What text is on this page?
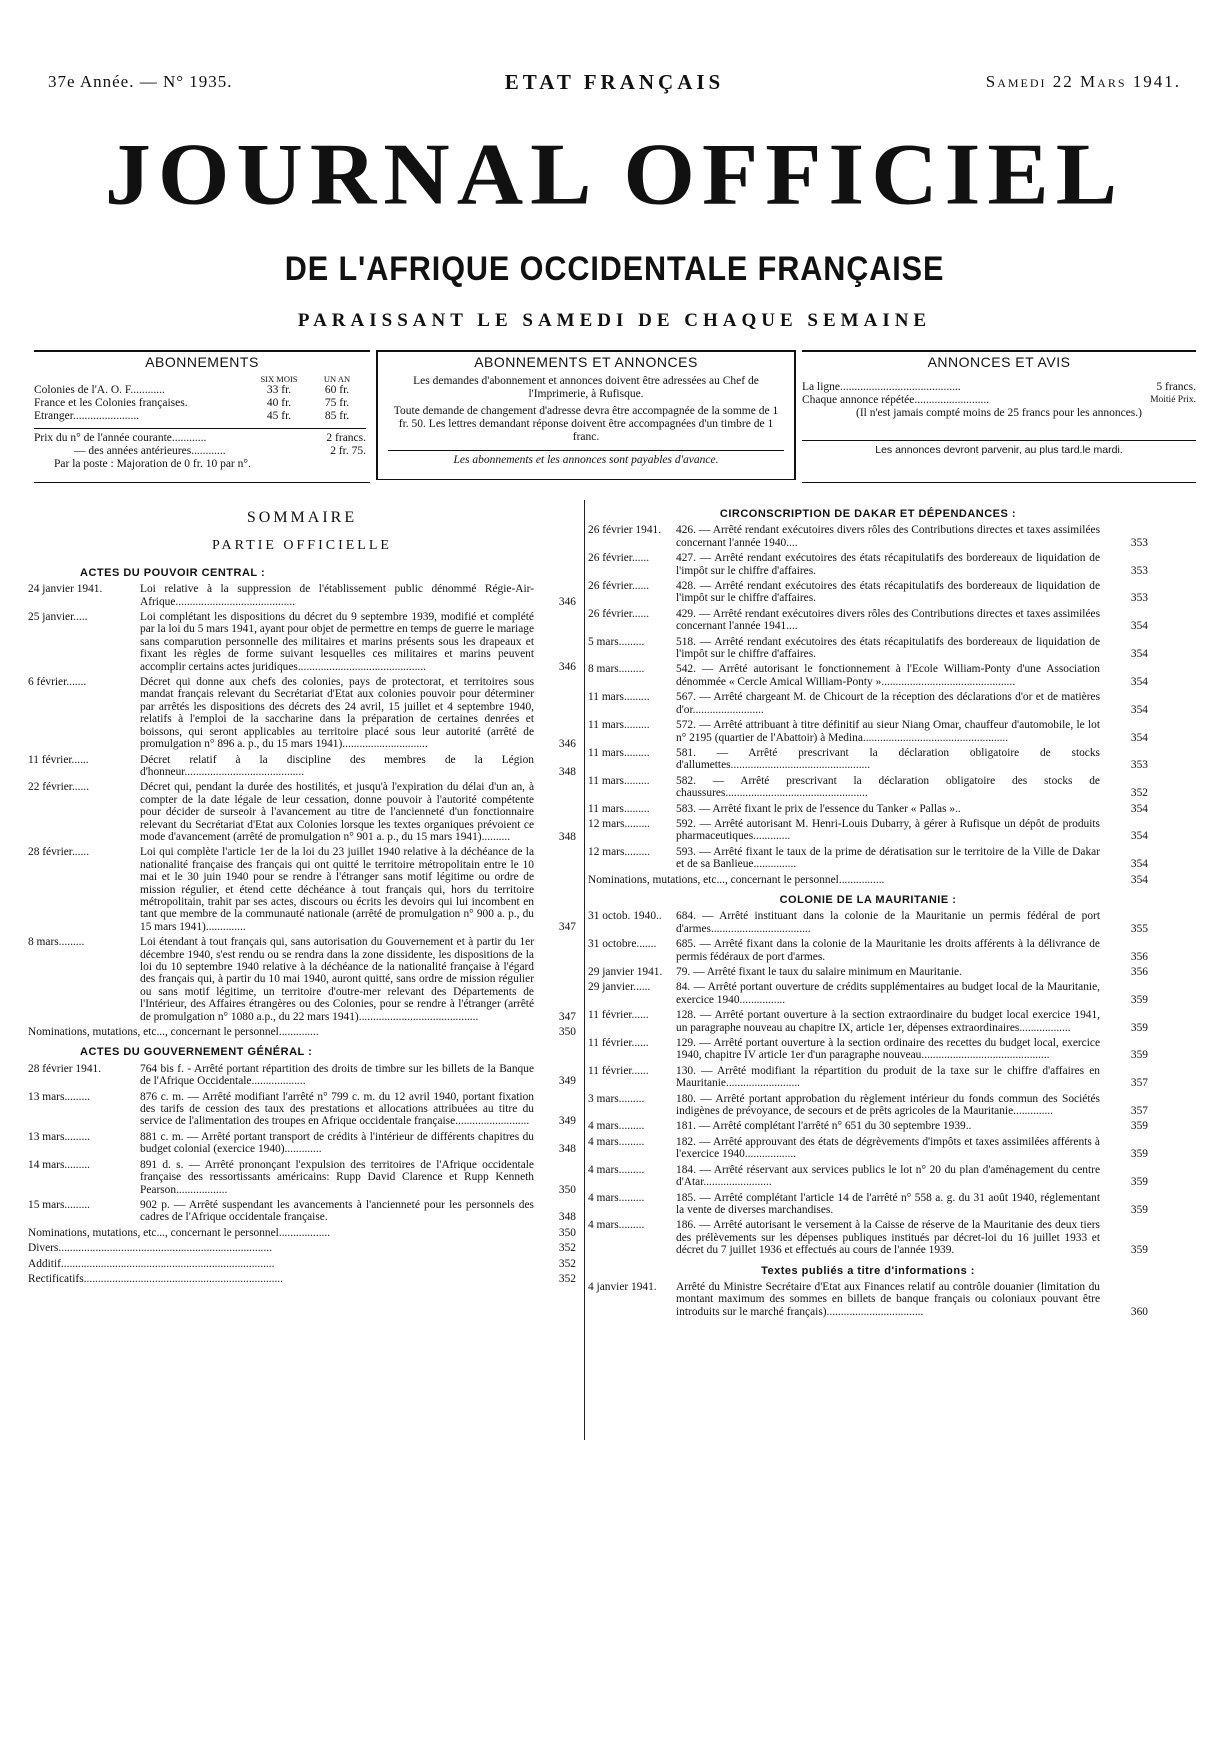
37e Année. — N° 1935.	ETAT FRANÇAIS	Samedi 22 Mars 1941.
JOURNAL OFFICIEL
DE L'AFRIQUE OCCIDENTALE FRANÇAISE
PARAISSANT LE SAMEDI DE CHAQUE SEMAINE
ABONNEMENTS
SIX MOIS	UN AN
Colonies de l'A. O. F............	33 fr.	60 fr.
France et les Colonies françaises.	40 fr.	75 fr.
Etranger.......................	45 fr.	85 fr.
Prix du n° de l'année courante............	2 francs.
— des années antérieures............	2 fr. 75.
Par la poste : Majoration de 0 fr. 10 par n°.
ABONNEMENTS ET ANNONCES

Les demandes d'abonnement et annonces doivent être adressées au Chef de l'Imprimerie, à Rufisque.

Toute demande de changement d'adresse devra être accompagnée de la somme de 1 fr. 50. Les lettres demandant réponse doivent être accompagnées d'un timbre de 1 franc.

Les abonnements et les annonces sont payables d'avance.

ANNONCES ET AVIS
La ligne..........................................	5 francs.
Chaque annonce répétée..........................	Moitié Prix.

(Il n'est jamais compté moins de 25 francs pour les annonces.)

Les annonces devront parvenir, au plus tard.le mardi.

SOMMAIRE
PARTIE OFFICIELLE
ACTES DU POUVOIR CENTRAL :
24 janvier 1941.	Loi relative à la suppression de l'établissement public dénommé Régie-Air-Afrique..........................................	346
25 janvier.....	Loi complétant les dispositions du décret du 9 septembre 1939, modifié et complété par la loi du 5 mars 1941, ayant pour objet de permettre en temps de guerre le mariage sans comparution personnelle des militaires et marins présents sous les drapeaux et fixant les règles de forme suivant lesquelles ces militaires et marins peuvent accomplir certains actes juridiques.............................................	346
6 février.......	Décret qui donne aux chefs des colonies, pays de protectorat, et territoires sous mandat français relevant du Secrétariat d'Etat aux colonies pouvoir pour déterminer par arrêtés les dispositions des décrets des 24 avril, 15 juillet et 4 septembre 1940, relatifs à l'emploi de la saccharine dans la préparation de certaines denrées et boissons, qui seront applicables au territoire placé sous leur autorité (arrêté de promulgation n° 896 a. p., du 15 mars 1941)..............................	346
11 février......	Décret relatif à la discipline des membres de la Légion d'honneur..........................................	348
22 février......	Décret qui, pendant la durée des hostilités, et jusqu'à l'expiration du délai d'un an, à compter de la date légale de leur cessation, donne pouvoir à l'autorité compétente pour décider de surseoir à l'avancement au titre de l'ancienneté d'un fonctionnaire relevant du Secrétariat d'Etat aux Colonies lorsque les textes organiques prévoient ce mode d'avancement (arrêté de promulgation n° 901 a. p., du 15 mars 1941)..........	348
28 février......	Loi qui complète l'article 1er de la loi du 23 juillet 1940 relative à la déchéance de la nationalité française des français qui ont quitté le territoire métropolitain entre le 10 mai et le 30 juin 1940 pour se rendre à l'étranger sans motif légitime ou ordre de mission régulier, et étend cette déchéance à tout français qui, hors du territoire métropolitain, trahit par ses actes, discours ou écrits les devoirs qui lui incombent en tant que membre de la communauté nationale (arrêté de promulgation n° 900 a. p., du 15 mars 1941)..............	347
8 mars.........	Loi étendant à tout français qui, sans autorisation du Gouvernement et à partir du 1er décembre 1940, s'est rendu ou se rendra dans la zone dissidente, les dispositions de la loi du 10 septembre 1940 relative à la déchéance de la nationalité française à l'égard des français qui, à partir du 10 mai 1940, auront quitté, sans ordre de mission régulier ou sans motif légitime, un territoire d'outre-mer relevant des Départements de l'Intérieur, des Affaires étrangères ou des Colonies, pour se rendre à l'étranger (arrêté de promulgation n° 1080 a.p., du 22 mars 1941)..........................................	347
Nominations, mutations, etc..., concernant le personnel..............	350
ACTES DU GOUVERNEMENT GÉNÉRAL :
28 février 1941.	764 bis f. - Arrêté portant répartition des droits de timbre sur les billets de la Banque de l'Afrique Occidentale...................	349
13 mars.........	876 c. m. — Arrêté modifiant l'arrêté n° 799 c. m. du 12 avril 1940, portant fixation des tarifs de cession des taux des prestations et allocations attribuées au titre du service de l'alimentation des troupes en Afrique occidentale française..........................	349
13 mars.........	881 c. m. — Arrêté portant transport de crédits à l'intérieur de différents chapitres du budget colonial (exercice 1940).............	348
14 mars.........	891 d. s. — Arrêté prononçant l'expulsion des territoires de l'Afrique occidentale française des ressortissants américains: Rupp David Clarence et Rupp Kenneth Pearson..................	350
15 mars.........	902 p. — Arrêté suspendant les avancements à l'ancienneté pour les personnels des cadres de l'Afrique occidentale française.	348
Nominations, mutations, etc..., concernant le personnel..................	350
Divers...........................................................................	352
Additif...........................................................................	352
Rectificatifs......................................................................	352
CIRCONSCRIPTION DE DAKAR ET DÉPENDANCES :
26 février 1941.	426. — Arrêté rendant exécutoires divers rôles des Contributions directes et taxes assimilées concernant l'année 1940....	353
26 février......	427. — Arrêté rendant exécutoires des états récapitulatifs des bordereaux de liquidation de l'impôt sur le chiffre d'affaires.	353
26 février......	428. — Arrêté rendant exécutoires des états récapitulatifs des bordereaux de liquidation de l'impôt sur le chiffre d'affaires.	353
26 février......	429. — Arrêté rendant exécutoires divers rôles des Contributions directes et taxes assimilées concernant l'année 1941....	354
5 mars.........	518. — Arrêté rendant exécutoires des états récapitulatifs des bordereaux de liquidation de l'impôt sur le chiffre d'affaires.	354
8 mars.........	542. — Arrêté autorisant le fonctionnement à l'Ecole William-Ponty d'une Association dénommée « Cercle Amical William-Ponty »...............................................	354
11 mars.........	567. — Arrêté chargeant M. de Chicourt de la réception des déclarations d'or et de matières d'or.........................	354
11 mars.........	572. — Arrêté attribuant à titre définitif au sieur Niang Omar, chauffeur d'automobile, le lot n° 2195 (quartier de l'Abattoir) à Medina...................................................	354
11 mars.........	581. — Arrêté prescrivant la déclaration obligatoire de stocks d'allumettes.................................................	353
11 mars.........	582. — Arrêté prescrivant la déclaration obligatoire des stocks de chaussures..................................................	352
11 mars.........	583. — Arrêté fixant le prix de l'essence du Tanker « Pallas »..	354
12 mars.........	592. — Arrêté autorisant M. Henri-Louis Dubarry, à gérer à Rufisque un dépôt de produits pharmaceutiques.............	354
12 mars.........	593. — Arrêté fixant le taux de la prime de dératisation sur le territoire de la Ville de Dakar et de sa Banlieue...............	354
Nominations, mutations, etc..., concernant le personnel................	354
COLONIE DE LA MAURITANIE :
31 octob. 1940..	684. — Arrêté instituant dans la colonie de la Mauritanie un permis fédéral de port d'armes...................................	355
31 octobre.......	685. — Arrêté fixant dans la colonie de la Mauritanie les droits afférents à la délivrance de permis fédéraux de port d'armes.	356
29 janvier 1941.	79. — Arrêté fixant le taux du salaire minimum en Mauritanie.	356
29 janvier......	84. — Arrêté portant ouverture de crédits supplémentaires au budget local de la Mauritanie, exercice 1940................	359
11 février......	128. — Arrêté portant ouverture à la section extraordinaire du budget local exercice 1941, un paragraphe nouveau au chapitre IX, article 1er, dépenses extraordinaires..................	359
11 février......	129. — Arrêté portant ouverture à la section ordinaire des recettes du budget local, exercice 1940, chapitre IV article 1er d'un paragraphe nouveau.............................................	359
11 février......	130. — Arrêté modifiant la répartition du produit de la taxe sur le chiffre d'affaires en Mauritanie..........................	357
3 mars.........	180. — Arrêté portant approbation du règlement intérieur du fonds commun des Sociétés indigènes de prévoyance, de secours et de prêts agricoles de la Mauritanie..............	357
4 mars.........	181. — Arrêté complétant l'arrêté n° 651 du 30 septembre 1939..	359
4 mars.........	182. — Arrêté approuvant des états de dégrèvements d'impôts et taxes assimilées afférents à l'exercice 1940..................	359
4 mars.........	184. — Arrêté réservant aux services publics le lot n° 20 du plan d'aménagement du centre d'Atar........................	359
4 mars.........	185. — Arrêté complétant l'article 14 de l'arrêté n° 558 a. g. du 31 août 1940, réglementant la vente de diverses marchandises.	359
4 mars.........	186. — Arrêté autorisant le versement à la Caisse de réserve de la Mauritanie des deux tiers des prélèvements sur les dépenses publiques institués par décret-loi du 16 juillet 1933 et décret du 7 juillet 1936 et effectués au cours de l'année 1939.	359
Textes publiés a titre d'informations :
4 janvier 1941.	Arrêté du Ministre Secrétaire d'Etat aux Finances relatif au contrôle douanier (limitation du montant maximum des sommes en billets de banque français ou coloniaux pouvant être introduits sur le marché français)..................................	360
